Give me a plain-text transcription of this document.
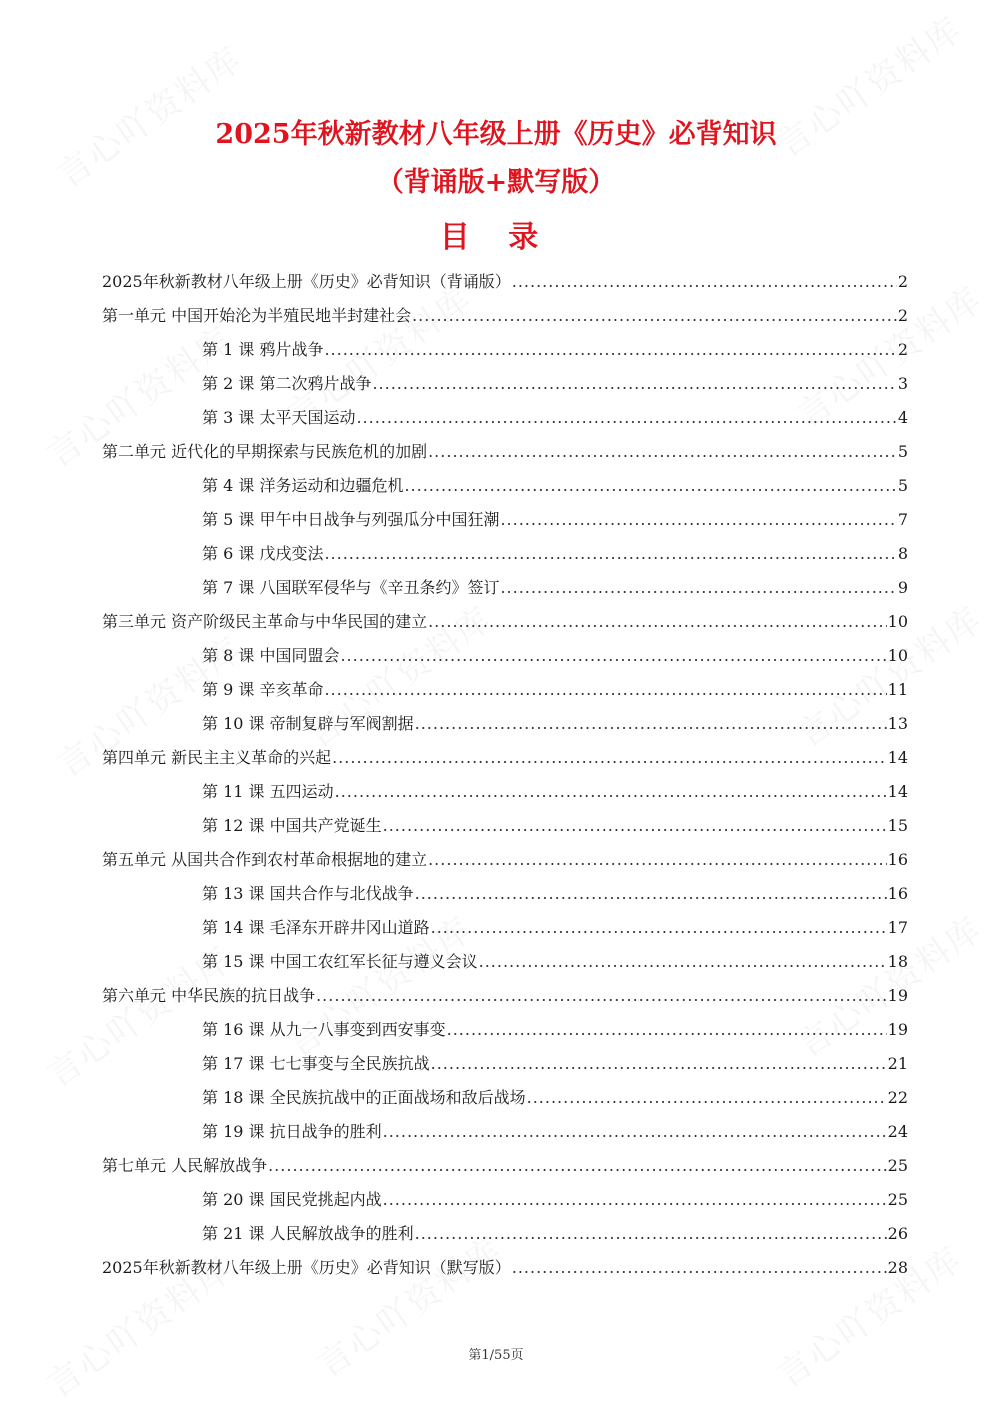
2025年秋新教材八年级上册《历史》必背知识
（背诵版+默写版）
目 录
2025年秋新教材八年级上册《历史》必背知识（背诵版） .....	2
第一单元 中国开始沦为半殖民地半封建社会 .....	2
第 1 课 鸦片战争 .....	2
第 2 课 第二次鸦片战争 .....	3
第 3 课 太平天国运动 .....	4
第二单元 近代化的早期探索与民族危机的加剧 .....	5
第 4 课 洋务运动和边疆危机 .....	5
第 5 课 甲午中日战争与列强瓜分中国狂潮 .....	7
第 6 课 戊戌变法 .....	8
第 7 课 八国联军侵华与《辛丑条约》签订 .....	9
第三单元 资产阶级民主革命与中华民国的建立 .....	10
第 8 课 中国同盟会 .....	10
第 9 课 辛亥革命 .....	11
第 10 课 帝制复辟与军阀割据 .....	13
第四单元 新民主主义革命的兴起 .....	14
第 11 课 五四运动 .....	14
第 12 课 中国共产党诞生 .....	15
第五单元 从国共合作到农村革命根据地的建立 .....	16
第 13 课 国共合作与北伐战争 .....	16
第 14 课 毛泽东开辟井冈山道路 .....	17
第 15 课 中国工农红军长征与遵义会议 .....	18
第六单元 中华民族的抗日战争 .....	19
第 16 课 从九一八事变到西安事变 .....	19
第 17 课 七七事变与全民族抗战 .....	21
第 18 课 全民族抗战中的正面战场和敌后战场 .....	22
第 19 课 抗日战争的胜利 .....	24
第七单元 人民解放战争 .....	25
第 20 课 国民党挑起内战 .....	25
第 21 课 人民解放战争的胜利 .....	26
2025年秋新教材八年级上册《历史》必背知识（默写版） .....	28
第1/55页
